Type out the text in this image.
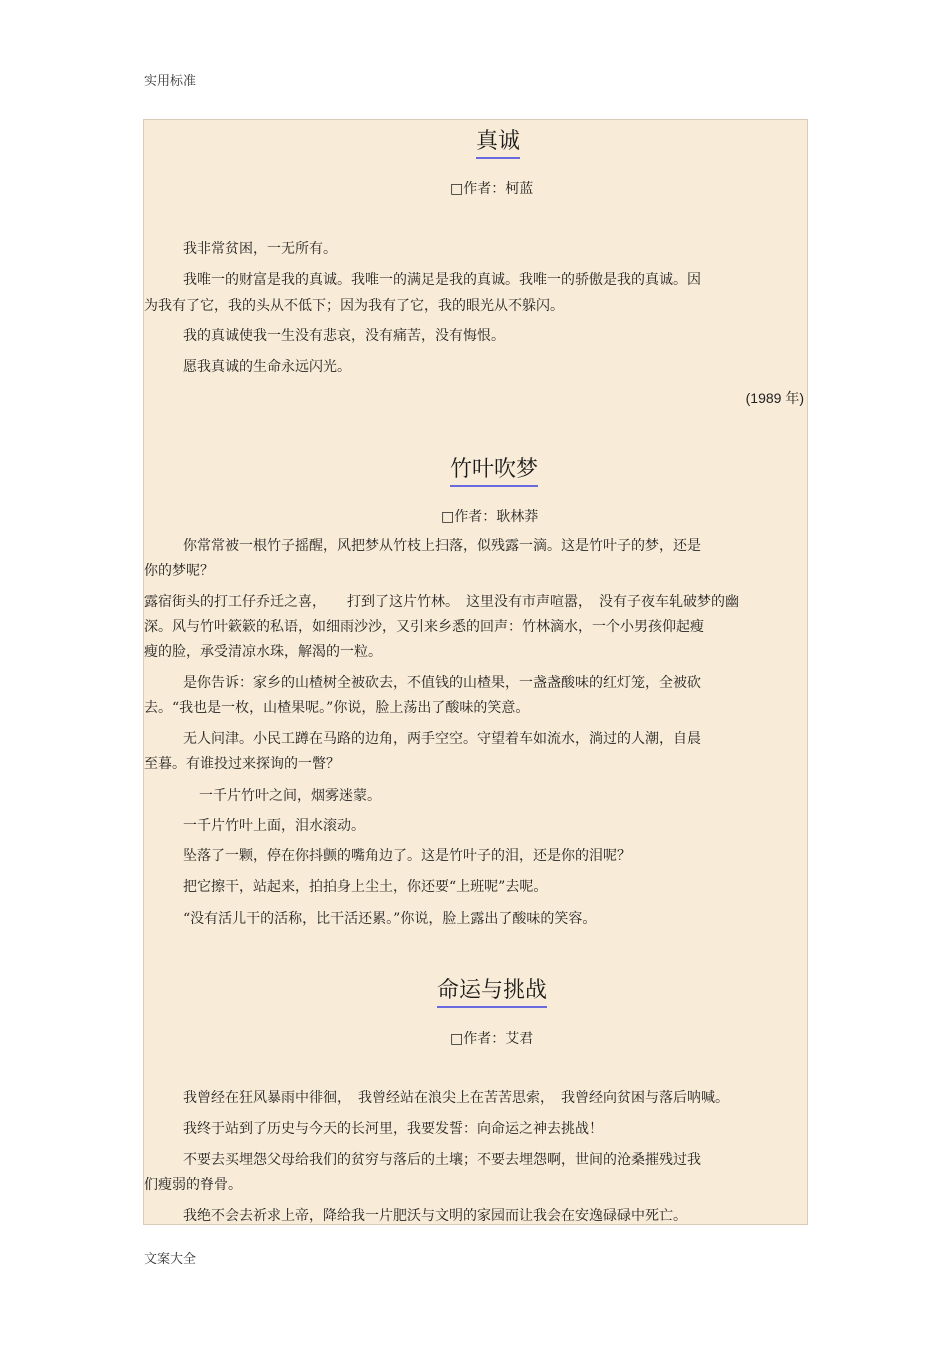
实用标准
真诚
□作者：柯蓝
我非常贫困，一无所有。
我唯一的财富是我的真诚。我唯一的满足是我的真诚。我唯一的骄傲是我的真诚。因
为我有了它，我的头从不低下；因为我有了它，我的眼光从不躲闪。
我的真诚使我一生没有悲哀，没有痛苦，没有悔恨。
愿我真诚的生命永远闪光。
(1989 年)
竹叶吹梦
□作者：耿林莽
你常常被一根竹子摇醒，风把梦从竹枝上扫落，似残露一滴。这是竹叶子的梦，还是
你的梦呢？
露宿街头的打工仔乔迁之喜，　　打到了这片竹林。　这里没有市声喧嚣，　没有子夜车轧破梦的幽
深。风与竹叶簌簌的私语，如细雨沙沙，又引来乡悉的回声：竹林滴水，一个小男孩仰起瘦
瘦的脸，承受清凉水珠，解渴的一粒。
是你告诉：家乡的山楂树全被砍去，不值钱的山楂果，一盏盏酸味的红灯笼，全被砍
去。“我也是一枚，山楂果呢。”你说，脸上荡出了酸味的笑意。
无人问津。小民工蹲在马路的边角，两手空空。守望着车如流水，淌过的人潮，自晨
至暮。有谁投过来探询的一瞥？
一千片竹叶之间，烟雾迷蒙。
一千片竹叶上面，泪水滚动。
坠落了一颗，停在你抖颤的嘴角边了。这是竹叶子的泪，还是你的泪呢？
把它擦干，站起来，拍拍身上尘土，你还要“上班呢”去呢。
“没有活儿干的活称，比干活还累。”你说，脸上露出了酸味的笑容。
命运与挑战
□作者：艾君
我曾经在狂风暴雨中徘徊，　我曾经站在浪尖上在苦苦思索，　我曾经向贫困与落后呐喊。
我终于站到了历史与今天的长河里，我要发誓：向命运之神去挑战！
不要去买埋怨父母给我们的贫穷与落后的土壤；不要去埋怨啊，世间的沧桑摧残过我
们瘦弱的脊骨。
我绝不会去祈求上帝，降给我一片肥沃与文明的家园而让我会在安逸碌碌中死亡。
文案大全
